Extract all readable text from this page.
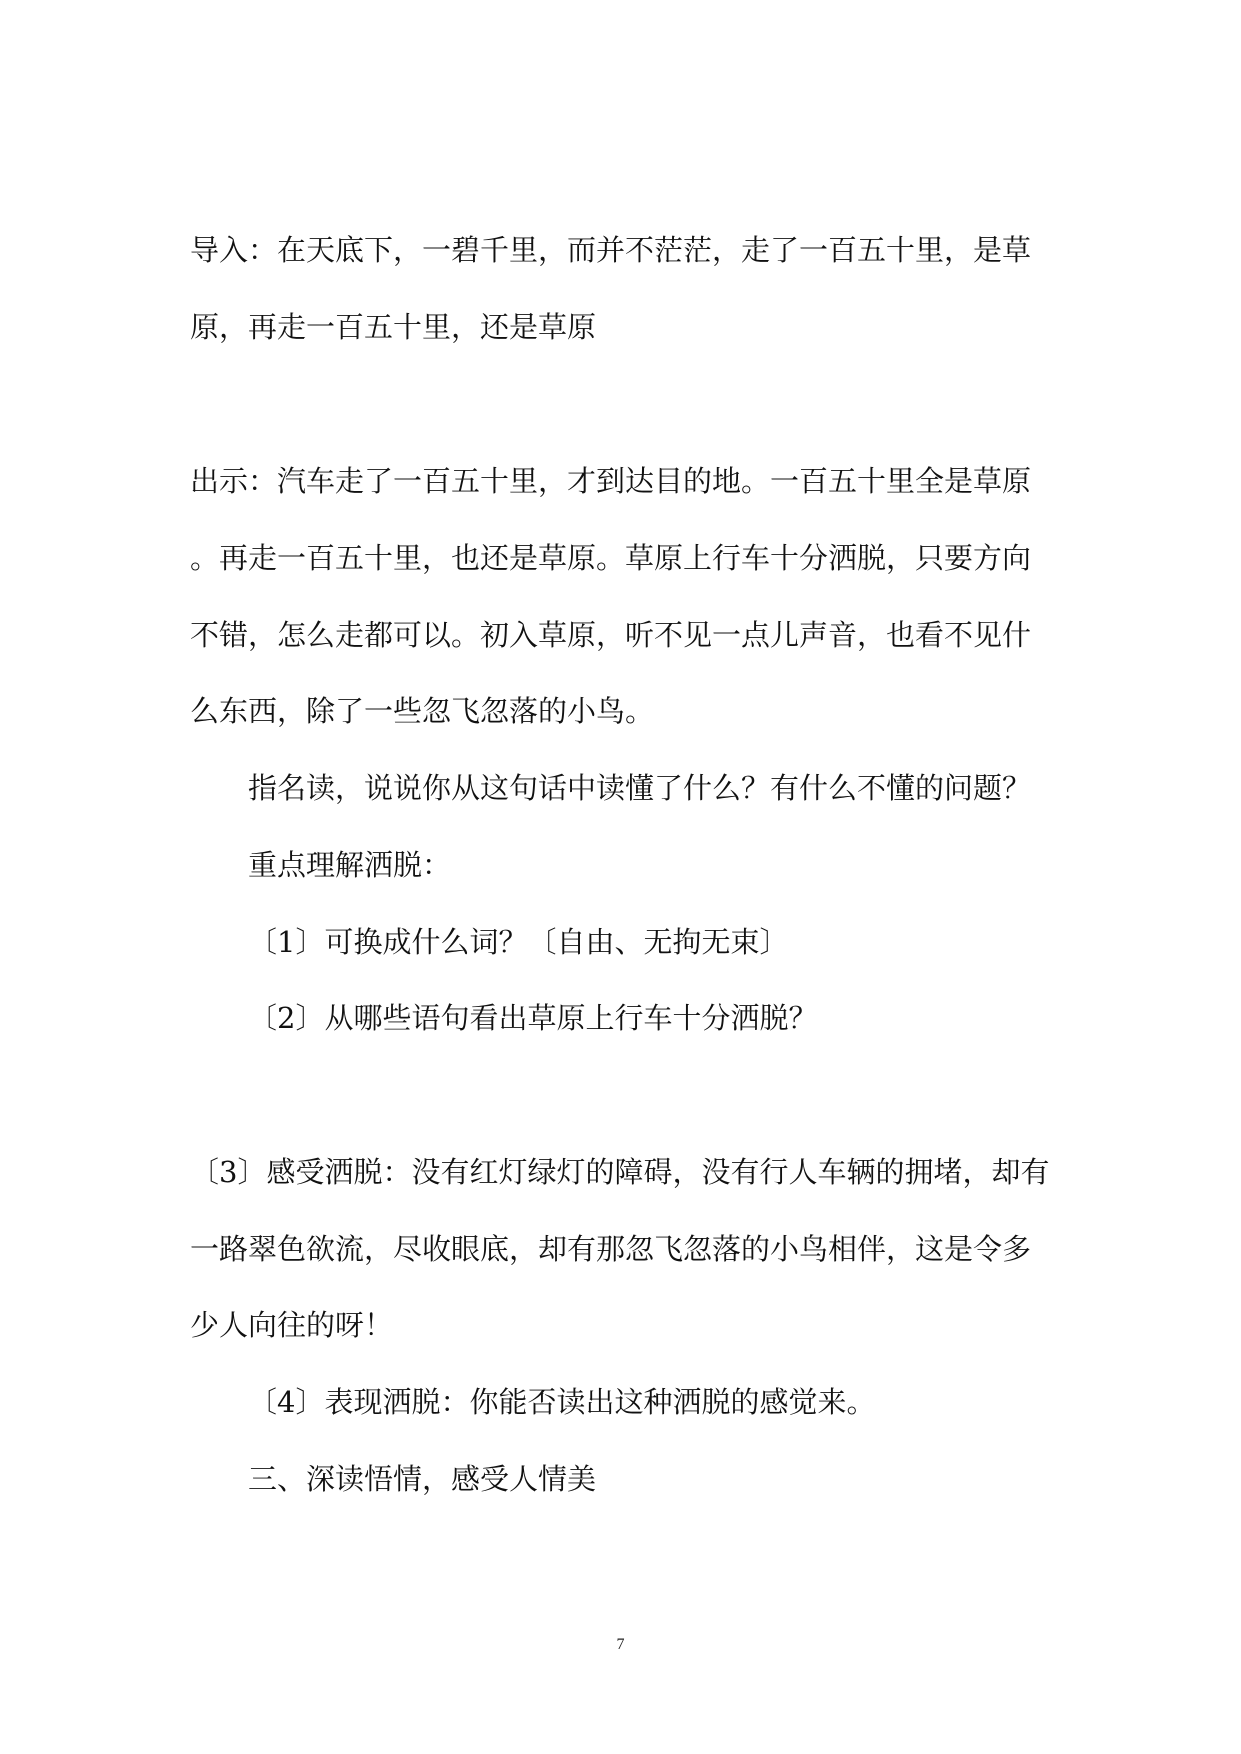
导入：在天底下，一碧千里，而并不茫茫，走了一百五十里，是草
原，再走一百五十里，还是草原
出示：汽车走了一百五十里，才到达目的地。一百五十里全是草原
。再走一百五十里，也还是草原。草原上行车十分洒脱，只要方向
不错，怎么走都可以。初入草原，听不见一点儿声音，也看不见什
么东西，除了一些忽飞忽落的小鸟。
指名读，说说你从这句话中读懂了什么？有什么不懂的问题？
重点理解洒脱：
〔1〕可换成什么词？〔自由、无拘无束〕
〔2〕从哪些语句看出草原上行车十分洒脱？
〔3〕感受洒脱：没有红灯绿灯的障碍，没有行人车辆的拥堵，却有
一路翠色欲流，尽收眼底，却有那忽飞忽落的小鸟相伴，这是令多
少人向往的呀！
〔4〕表现洒脱：你能否读出这种洒脱的感觉来。
三、深读悟情，感受人情美
7
